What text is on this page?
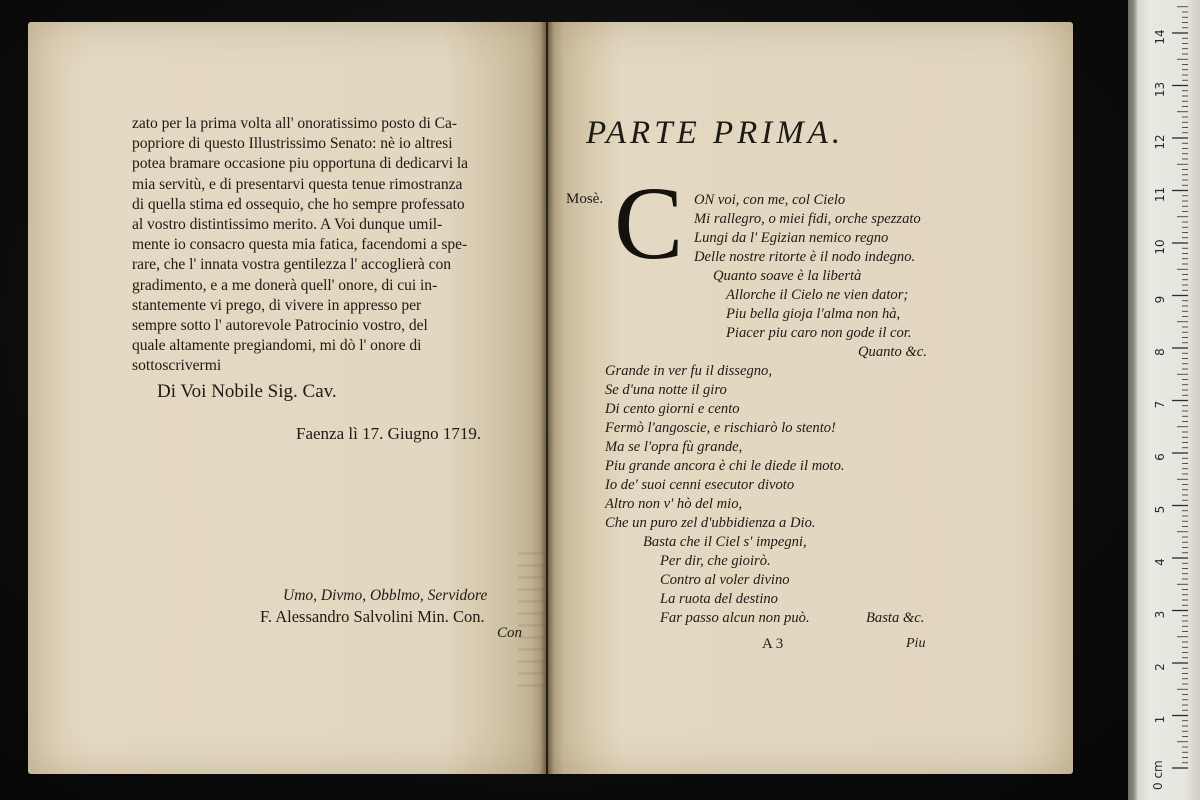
zato per la prima volta all' onoratissimo posto di Ca-
popriore di questo Illustrissimo Senato: nè io altresi
potea bramare occasione piu opportuna di dedicarvi la
mia servitù, e di presentarvi questa tenue rimostranza
di quella stima ed ossequio, che ho sempre professato
al vostro distintissimo merito. A Voi dunque umil-
mente io consacro questa mia fatica, facendomi a spe-
rare, che l' innata vostra gentilezza l' accoglierà con
gradimento, e a me donerà quell' onore, di cui in-
stantemente vi prego, di vivere in appresso per
sempre sotto l' autorevole Patrocinio vostro, del
quale altamente pregiandomi, mi dò l' onore di
sottoscrivermi
Di Voi Nobile Sig. Cav.
Faenza lì 17. Giugno 1719.
Umo, Divmo, Obblmo, Servidore
F. Alessandro Salvolini Min. Con.
Con
PARTE PRIMA.
Mosè. C ON voi, con me, col Cielo
Mi rallegro, o miei fidi, orche spezzato
Lungi da l' Egizian nemico regno
Delle nostre ritorte è il nodo indegno.
Quanto soave è la libertà
Allorche il Cielo ne vien dator;
Piu bella gioja l'alma non hà,
Piacer piu caro non gode il cor.
Quanto &c.
Grande in ver fu il dissegno,
Se d'una notte il giro
Di cento giorni e cento
Fermò l'angoscie, e rischiarò lo stento!
Ma se l'opra fù grande,
Piu grande ancora è chi le diede il moto.
Io de' suoi cenni esecutor divoto
Altro non v' hò del mio,
Che un puro zel d'ubbidienza a Dio.
Basta che il Ciel s' impegni,
Per dir, che gioirò.
Contro al voler divino
La ruota del destino
Far passo alcun non può.	Basta &c.
A 3	Piu
0 cm
1
2
3
4
5
6
7
8
9
10
11
12
13
14
